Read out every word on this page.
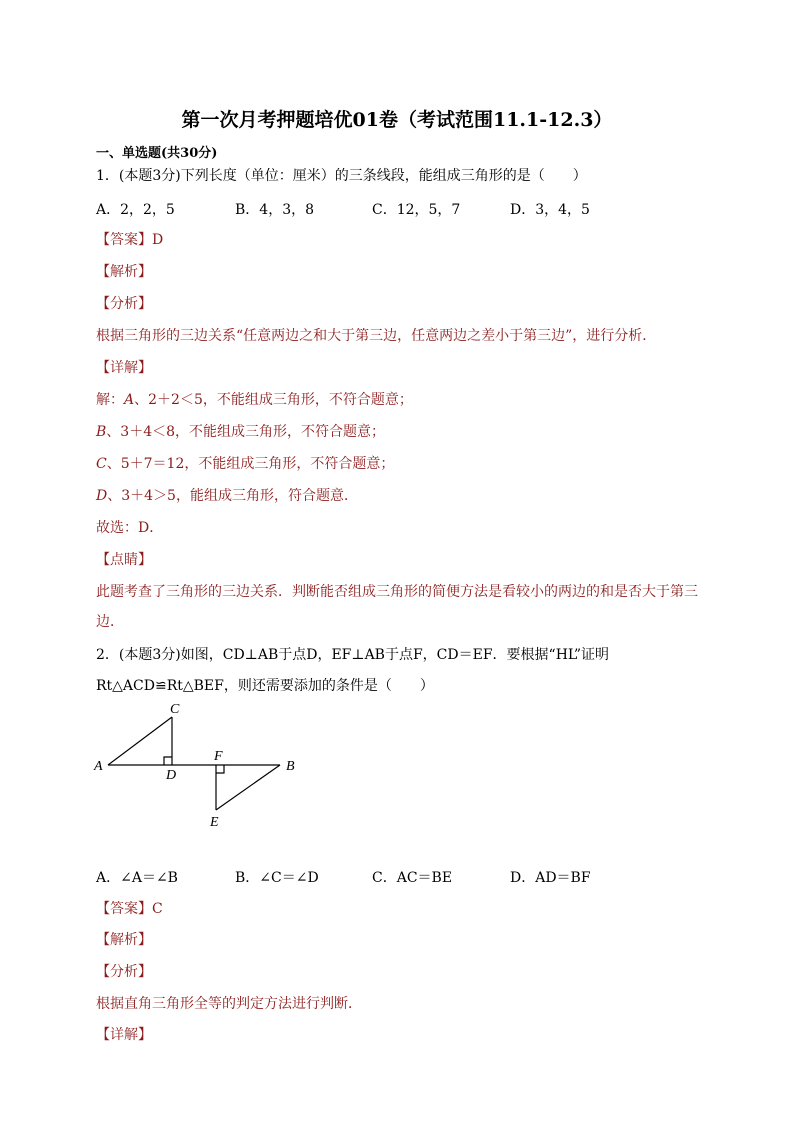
第一次月考押题培优01卷（考试范围11.1-12.3）
一、单选题(共30分)
1．(本题3分)下列长度（单位：厘米）的三条线段，能组成三角形的是（　　）
A．2，2，5	B．4，3，8	C．12，5，7	D．3，4，5
【答案】D
【解析】
【分析】
根据三角形的三边关系“任意两边之和大于第三边，任意两边之差小于第三边”，进行分析．
【详解】
解：A、2＋2＜5，不能组成三角形，不符合题意；
B、3＋4＜8，不能组成三角形，不符合题意；
C、5＋7＝12，不能组成三角形，不符合题意；
D、3＋4＞5，能组成三角形，符合题意．
故选：D．
【点睛】
此题考查了三角形的三边关系．判断能否组成三角形的简便方法是看较小的两边的和是否大于第三
边．
2．(本题3分)如图，CD⊥AB于点D，EF⊥AB于点F，CD＝EF．要根据“HL”证明
Rt△ACD≌Rt△BEF，则还需要添加的条件是（　　）
A	B
C
D
E
F
A．∠A＝∠B	B．∠C＝∠D	C．AC＝BE	D．AD＝BF
【答案】C
【解析】
【分析】
根据直角三角形全等的判定方法进行判断．
【详解】
